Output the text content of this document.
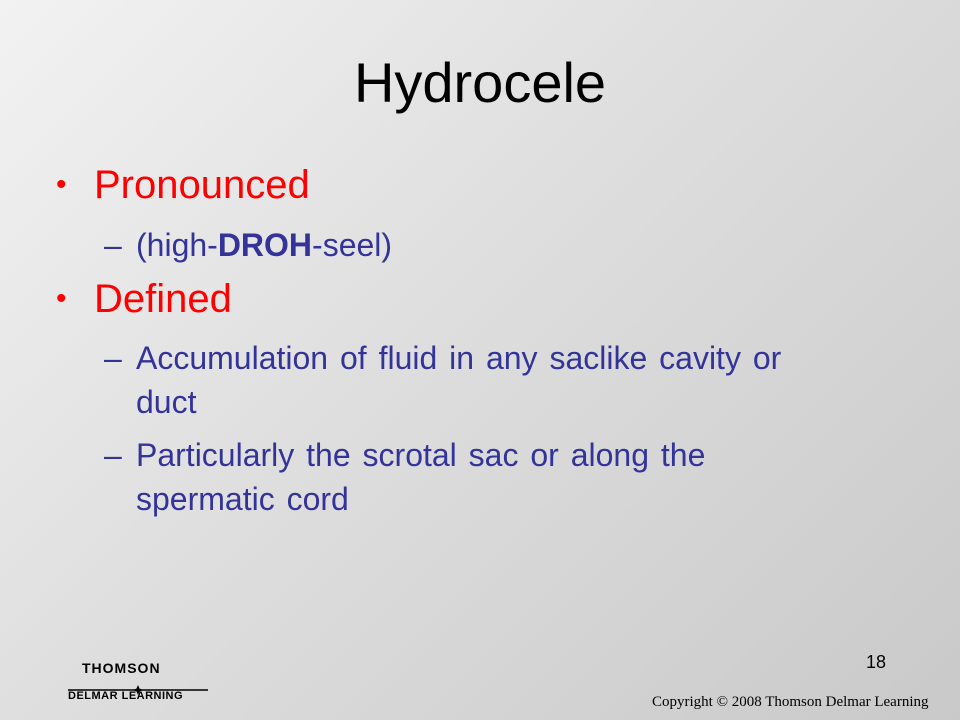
Hydrocele
• Pronounced
– (high-DROH-seel)
• Defined
– Accumulation of fluid in any saclike cavity or
duct
– Particularly the scrotal sac or along the
spermatic cord
18
THOMSON
DELMAR LEARNING	Copyright © 2008 Thomson Delmar Learning
